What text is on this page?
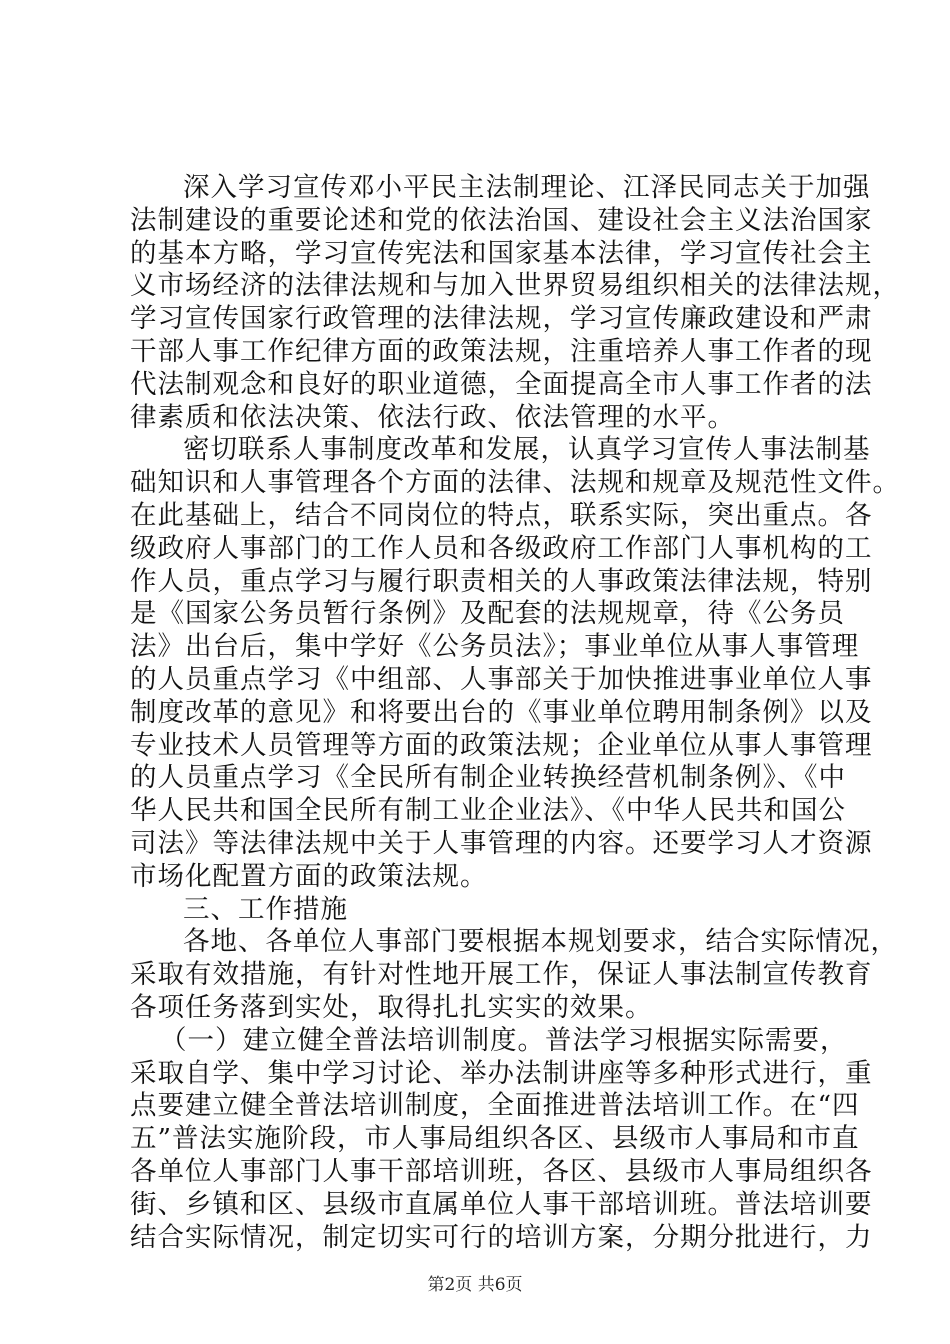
深入学习宣传邓小平民主法制理论、江泽民同志关于加强
法制建设的重要论述和党的依法治国、建设社会主义法治国家
的基本方略，学习宣传宪法和国家基本法律，学习宣传社会主
义市场经济的法律法规和与加入世界贸易组织相关的法律法规，
学习宣传国家行政管理的法律法规，学习宣传廉政建设和严肃
干部人事工作纪律方面的政策法规，注重培养人事工作者的现
代法制观念和良好的职业道德，全面提高全市人事工作者的法
律素质和依法决策、依法行政、依法管理的水平。
密切联系人事制度改革和发展，认真学习宣传人事法制基
础知识和人事管理各个方面的法律、法规和规章及规范性文件。
在此基础上，结合不同岗位的特点，联系实际，突出重点。各
级政府人事部门的工作人员和各级政府工作部门人事机构的工
作人员，重点学习与履行职责相关的人事政策法律法规，特别
是《国家公务员暂行条例》及配套的法规规章，待《公务员
法》出台后，集中学好《公务员法》；事业单位从事人事管理
的人员重点学习《中组部、人事部关于加快推进事业单位人事
制度改革的意见》和将要出台的《事业单位聘用制条例》以及
专业技术人员管理等方面的政策法规；企业单位从事人事管理
的人员重点学习《全民所有制企业转换经营机制条例》、《中
华人民共和国全民所有制工业企业法》、《中华人民共和国公
司法》等法律法规中关于人事管理的内容。还要学习人才资源
市场化配置方面的政策法规。
三、工作措施
各地、各单位人事部门要根据本规划要求，结合实际情况，
采取有效措施，有针对性地开展工作，保证人事法制宣传教育
各项任务落到实处，取得扎扎实实的效果。
（一）建立健全普法培训制度。普法学习根据实际需要，
采取自学、集中学习讨论、举办法制讲座等多种形式进行，重
点要建立健全普法培训制度，全面推进普法培训工作。在“四
五”普法实施阶段，市人事局组织各区、县级市人事局和市直
各单位人事部门人事干部培训班，各区、县级市人事局组织各
街、乡镇和区、县级市直属单位人事干部培训班。普法培训要
结合实际情况，制定切实可行的培训方案，分期分批进行，力
第2页 共6页
